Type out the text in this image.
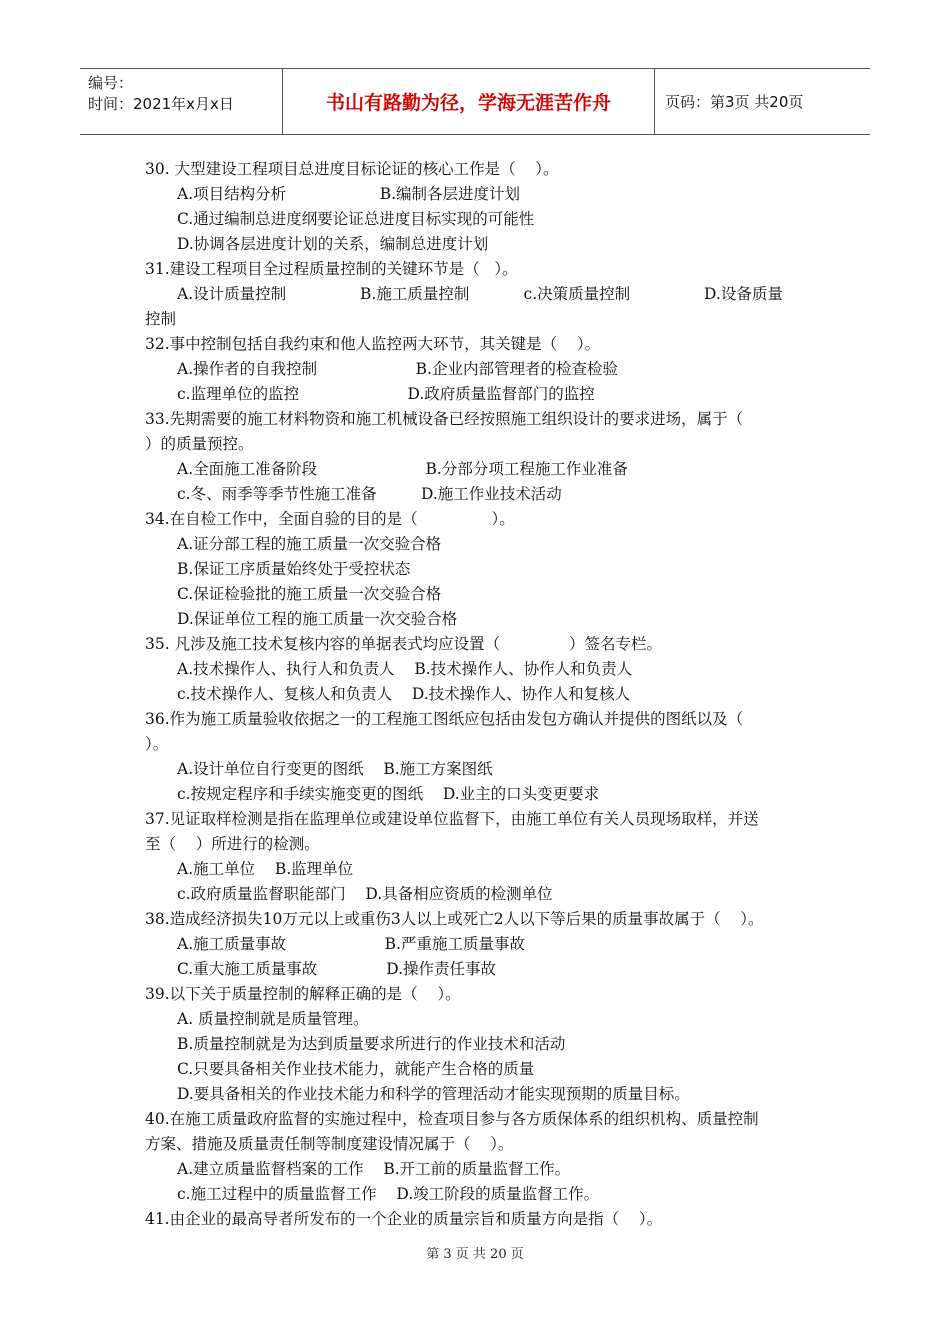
编号：
时间：2021年x月x日	书山有路勤为径，学海无涯苦作舟	页码：第3页 共20页
30. 大型建设工程项目总进度目标论证的核心工作是（    ）。
A.项目结构分析                   B.编制各层进度计划
C.通过编制总进度纲要论证总进度目标实现的可能性
D.协调各层进度计划的关系，编制总进度计划
31.建设工程项目全过程质量控制的关键环节是（   ）。
A.设计质量控制               B.施工质量控制           c.决策质量控制               D.设备质量
控制
32.事中控制包括自我约束和他人监控两大环节，其关键是（    ）。
A.操作者的自我控制                    B.企业内部管理者的检查检验
c.监理单位的监控                      D.政府质量监督部门的监控
33.先期需要的施工材料物资和施工机械设备已经按照施工组织设计的要求进场，属于（
）的质量预控。
A.全面施工准备阶段                      B.分部分项工程施工作业准备
c.冬、雨季等季节性施工准备         D.施工作业技术活动
34.在自检工作中，全面自验的目的是（               ）。
A.证分部工程的施工质量一次交验合格
B.保证工序质量始终处于受控状态
C.保证检验批的施工质量一次交验合格
D.保证单位工程的施工质量一次交验合格
35. 凡涉及施工技术复核内容的单据表式均应设置（              ）签名专栏。
A.技术操作人、执行人和负责人    B.技术操作人、协作人和负责人
c.技术操作人、复核人和负责人    D.技术操作人、协作人和复核人
36.作为施工质量验收依据之一的工程施工图纸应包括由发包方确认并提供的图纸以及（
）。
A.设计单位自行变更的图纸    B.施工方案图纸
c.按规定程序和手续实施变更的图纸    D.业主的口头变更要求
37.见证取样检测是指在监理单位或建设单位监督下，由施工单位有关人员现场取样，并送
至（    ）所进行的检测。
A.施工单位    B.监理单位
c.政府质量监督职能部门    D.具备相应资质的检测单位
38.造成经济损失10万元以上或重伤3人以上或死亡2人以下等后果的质量事故属于（    ）。
A.施工质量事故                    B.严重施工质量事故
C.重大施工质量事故              D.操作责任事故
39.以下关于质量控制的解释正确的是（    ）。
A. 质量控制就是质量管理。
B.质量控制就是为达到质量要求所进行的作业技术和活动
C.只要具备相关作业技术能力，就能产生合格的质量
D.要具备相关的作业技术能力和科学的管理活动才能实现预期的质量目标。
40.在施工质量政府监督的实施过程中，检查项目参与各方质保体系的组织机构、质量控制
方案、措施及质量责任制等制度建设情况属于（    ）。
A.建立质量监督档案的工作    B.开工前的质量监督工作。
c.施工过程中的质量监督工作    D.竣工阶段的质量监督工作。
41.由企业的最高导者所发布的一个企业的质量宗旨和质量方向是指（    ）。
第 3 页 共 20 页
